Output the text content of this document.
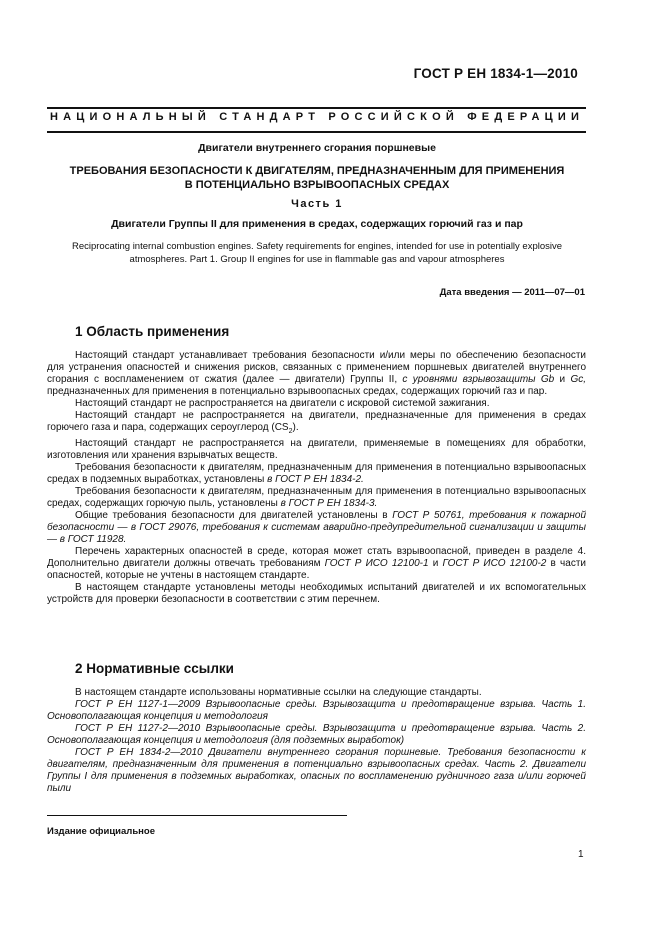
ГОСТ Р ЕН 1834-1—2010
НАЦИОНАЛЬНЫЙ СТАНДАРТ РОССИЙСКОЙ ФЕДЕРАЦИИ
Двигатели внутреннего сгорания поршневые
ТРЕБОВАНИЯ БЕЗОПАСНОСТИ К ДВИГАТЕЛЯМ, ПРЕДНАЗНАЧЕННЫМ ДЛЯ ПРИМЕНЕНИЯ
В ПОТЕНЦИАЛЬНО ВЗРЫВООПАСНЫХ СРЕДАХ
Часть 1
Двигатели Группы II для применения в средах, содержащих горючий газ и пар
Reciprocating internal combustion engines. Safety requirements for engines, intended for use in potentially explosive
atmospheres. Part 1. Group II engines for use in flammable gas and vapour atmospheres
Дата введения — 2011—07—01
1 Область применения

Настоящий стандарт устанавливает требования безопасности и/или меры по обеспечению безопасности для устранения опасностей и снижения рисков, связанных с применением поршневых двигателей внутреннего сгорания с воспламенением от сжатия (далее — двигатели) Группы II, с уровнями взрывозащиты Gb и Gc, предназначенных для применения в потенциально взрывоопасных средах, содержащих горючий газ и пар.

Настоящий стандарт не распространяется на двигатели с искровой системой зажигания.

Настоящий стандарт не распространяется на двигатели, предназначенные для применения в средах горючего газа и пара, содержащих сероуглерод $(CS_2)$.

Настоящий стандарт не распространяется на двигатели, применяемые в помещениях для обработки, изготовления или хранения взрывчатых веществ.

Требования безопасности к двигателям, предназначенным для применения в потенциально взрывоопасных средах в подземных выработках, установлены в ГОСТ Р ЕН 1834-2.

Требования безопасности к двигателям, предназначенным для применения в потенциально взрывоопасных средах, содержащих горючую пыль, установлены в ГОСТ Р ЕН 1834-3.

Общие требования безопасности для двигателей установлены в ГОСТ Р 50761, требования к пожарной безопасности — в ГОСТ 29076, требования к системам аварийно-предупредительной сигнализации и защиты — в ГОСТ 11928.

Перечень характерных опасностей в среде, которая может стать взрывоопасной, приведен в разделе 4. Дополнительно двигатели должны отвечать требованиям ГОСТ Р ИСО 12100-1 и ГОСТ Р ИСО 12100-2 в части опасностей, которые не учтены в настоящем стандарте.

В настоящем стандарте установлены методы необходимых испытаний двигателей и их вспомогательных устройств для проверки безопасности в соответствии с этим перечнем.

2 Нормативные ссылки

В настоящем стандарте использованы нормативные ссылки на следующие стандарты.

ГОСТ Р ЕН 1127-1—2009 Взрывоопасные среды. Взрывозащита и предотвращение взрыва. Часть 1. Основополагающая концепция и методология

ГОСТ Р ЕН 1127-2—2010 Взрывоопасные среды. Взрывозащита и предотвращение взрыва. Часть 2. Основополагающая концепция и методология (для подземных выработок)

ГОСТ Р ЕН 1834-2—2010 Двигатели внутреннего сгорания поршневые. Требования безопасности к двигателям, предназначенным для применения в потенциально взрывоопасных средах. Часть 2. Двигатели Группы I для применения в подземных выработках, опасных по воспламенению рудничного газа и/или горючей пыли

Издание официальное
1
